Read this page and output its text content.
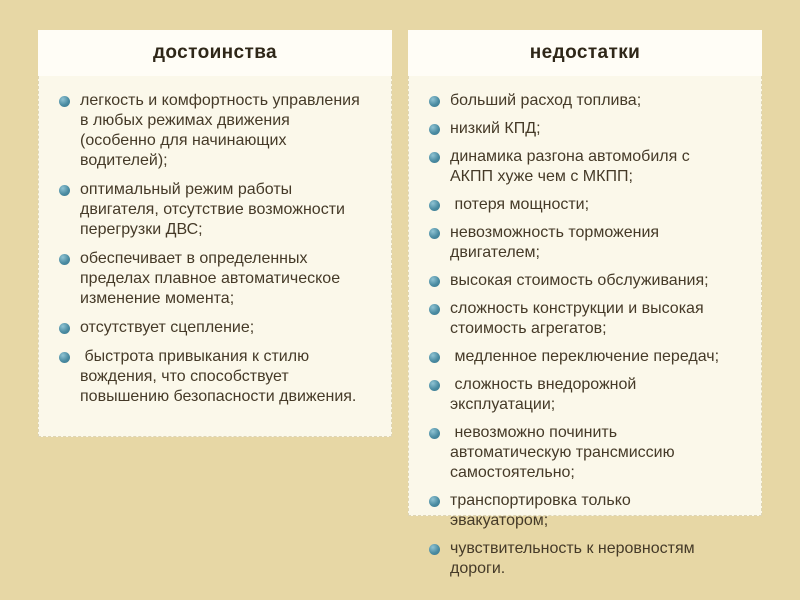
достоинства
легкость и комфортность управления в любых режимах движения (особенно для начинающих водителей);
оптимальный режим работы двигателя, отсутствие возможности перегрузки ДВС;
обеспечивает в определенных пределах плавное автоматическое изменение момента;
отсутствует сцепление;
быстрота привыкания к стилю вождения, что способствует повышению безопасности движения.
недостатки
больший расход топлива;
низкий КПД;
динамика разгона автомобиля с АКПП хуже чем с МКПП;
потеря мощности;
невозможность торможения двигателем;
высокая стоимость обслуживания;
сложность конструкции и высокая стоимость агрегатов;
медленное переключение передач;
сложность внедорожной эксплуатации;
невозможно починить автоматическую трансмиссию самостоятельно;
транспортировка только эвакуатором;
чувствительность к неровностям дороги.
